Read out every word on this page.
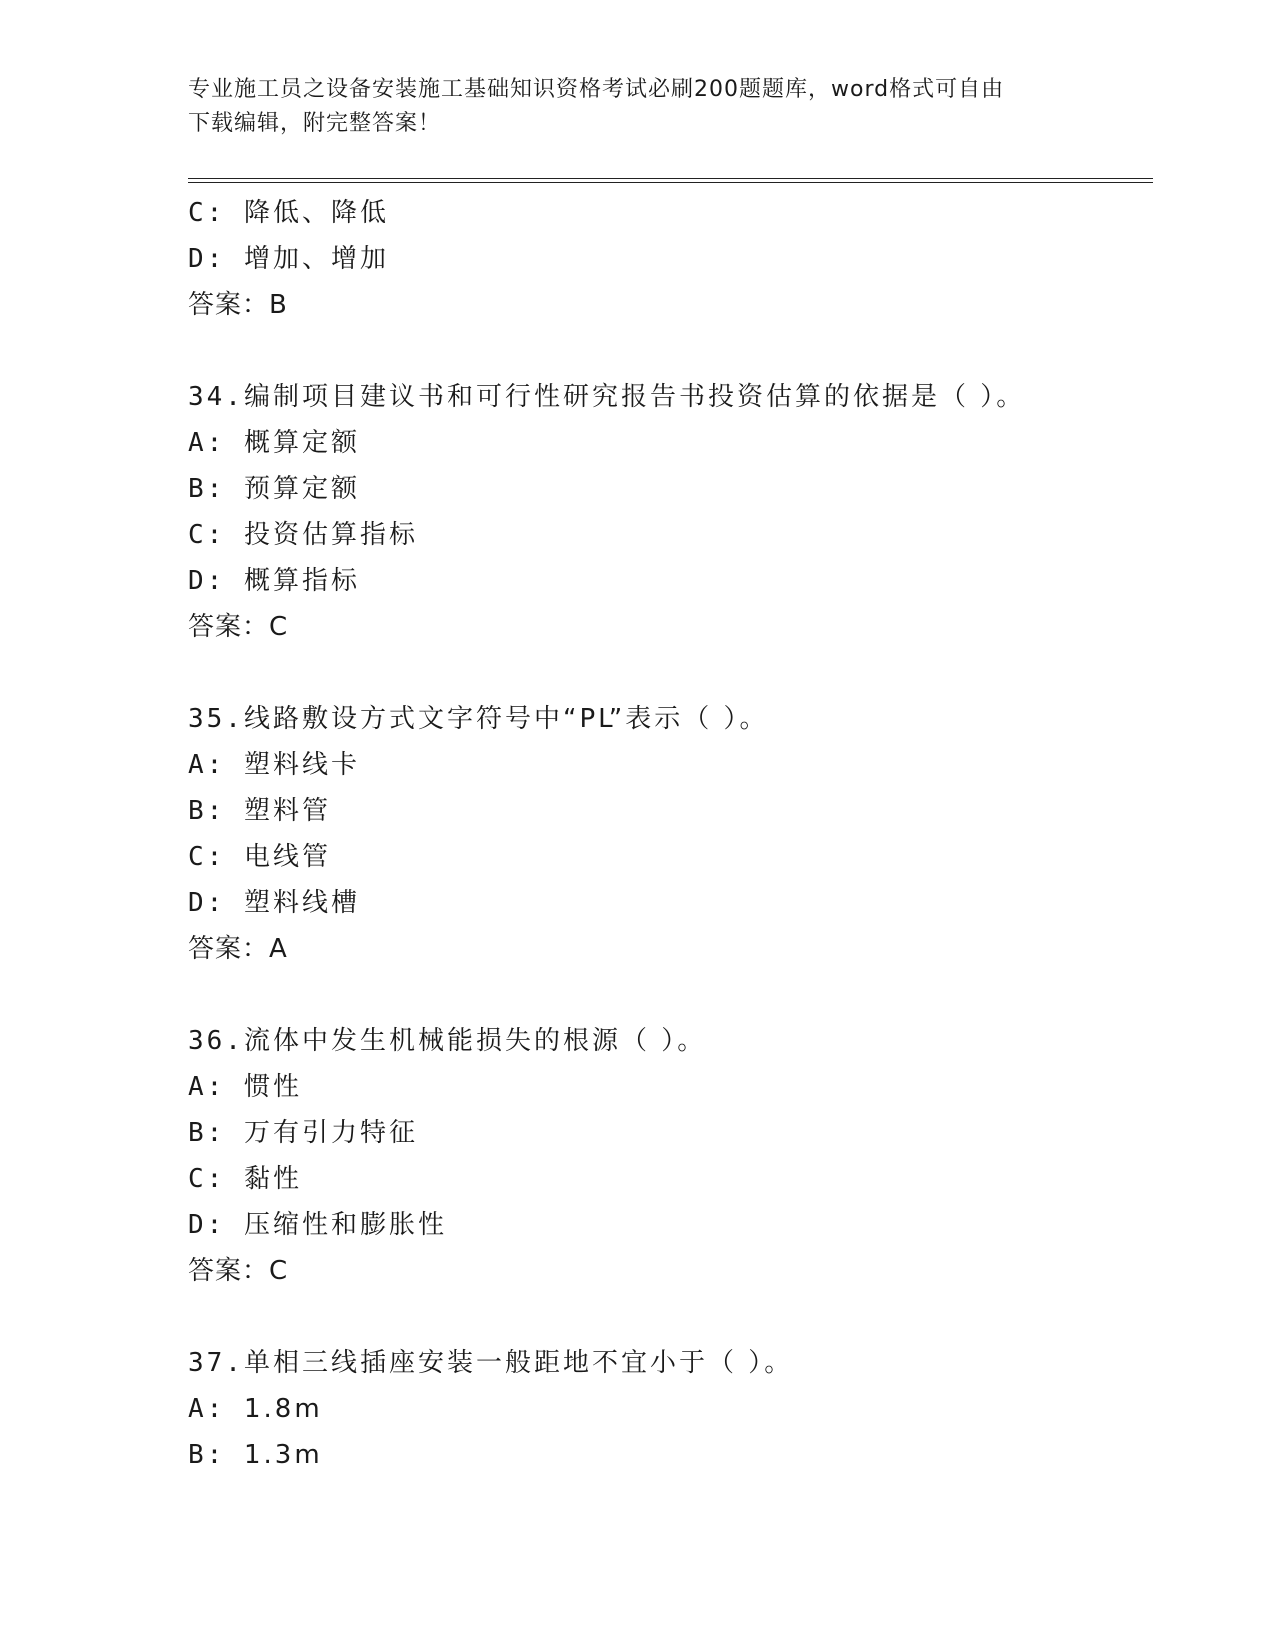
专业施工员之设备安装施工基础知识资格考试必刷200题题库，word格式可自由
下载编辑，附完整答案！
C: 降低、降低
D: 增加、增加
答案：B
34.编制项目建议书和可行性研究报告书投资估算的依据是（ ）。
A: 概算定额
B: 预算定额
C: 投资估算指标
D: 概算指标
答案：C
35.线路敷设方式文字符号中“PL”表示（ ）。
A: 塑料线卡
B: 塑料管
C: 电线管
D: 塑料线槽
答案：A
36.流体中发生机械能损失的根源（ ）。
A: 惯性
B: 万有引力特征
C: 黏性
D: 压缩性和膨胀性
答案：C
37.单相三线插座安装一般距地不宜小于（ ）。
A: 1.8m
B: 1.3m
